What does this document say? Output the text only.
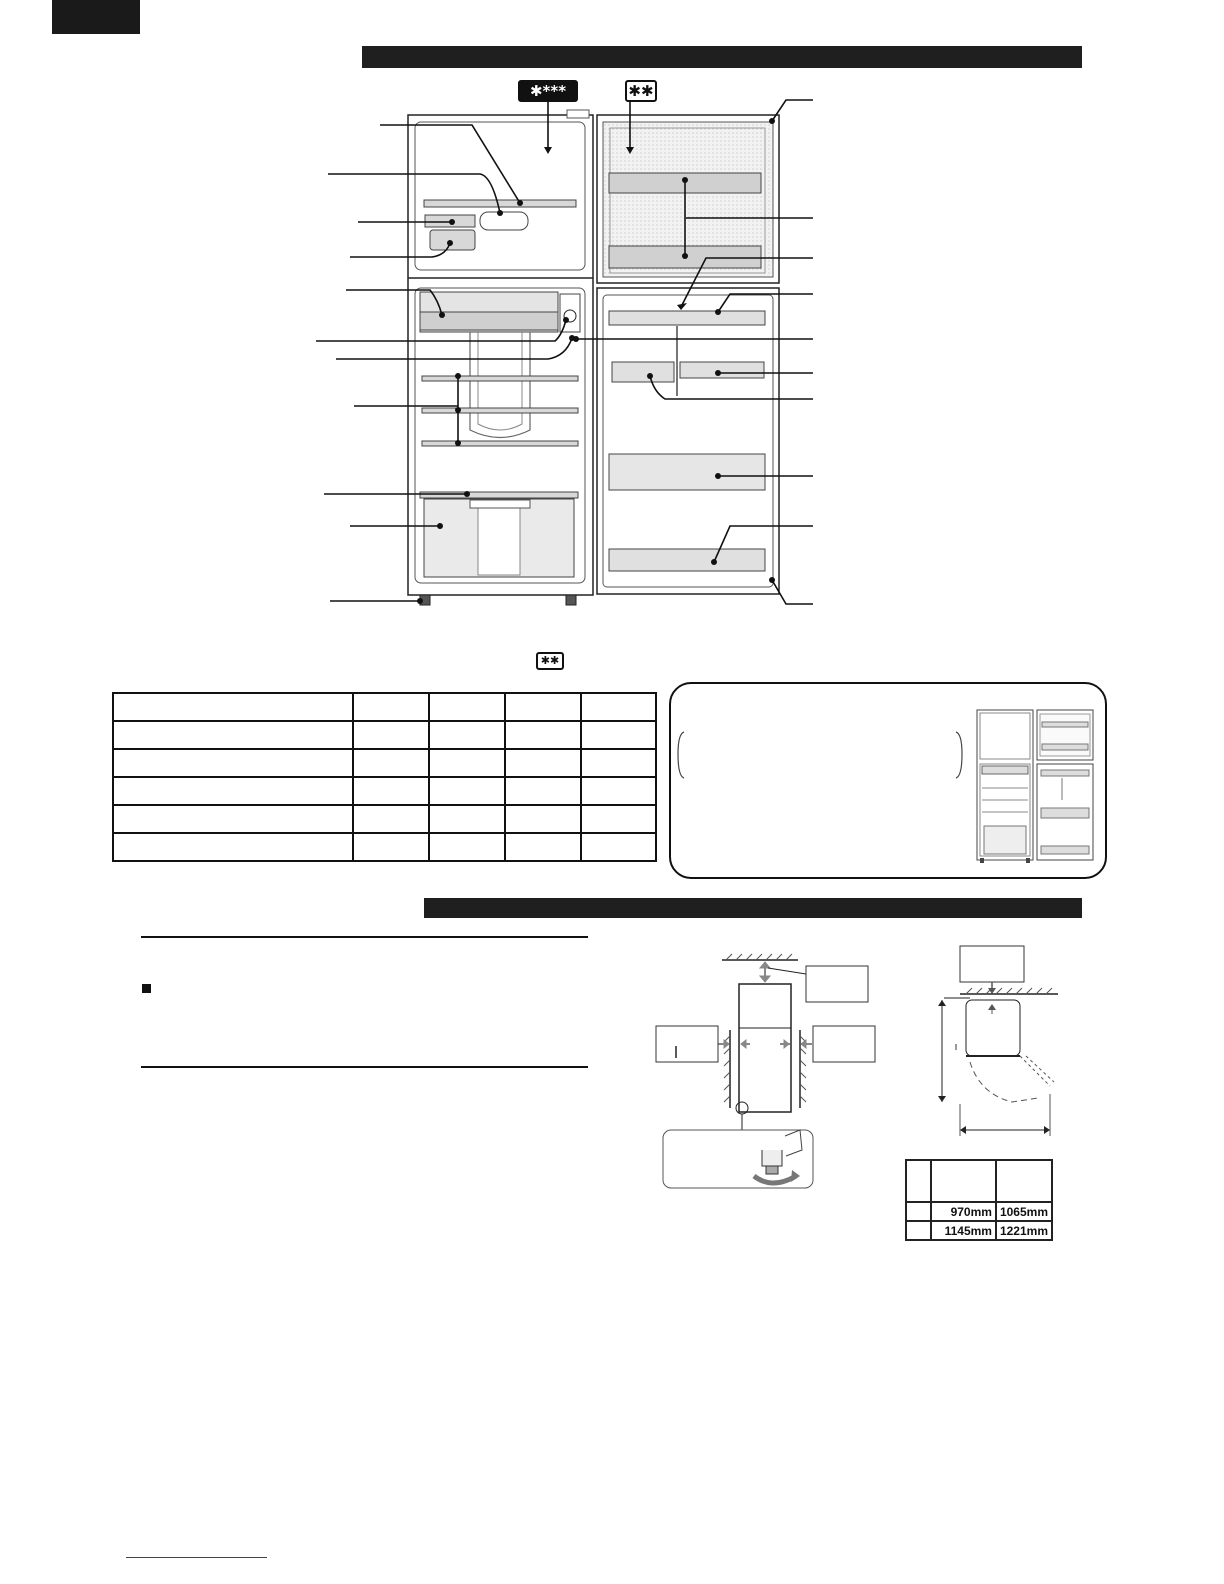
✱***	✱✱
✱✱

	970mm	1065mm
	1145mm	1221mm
